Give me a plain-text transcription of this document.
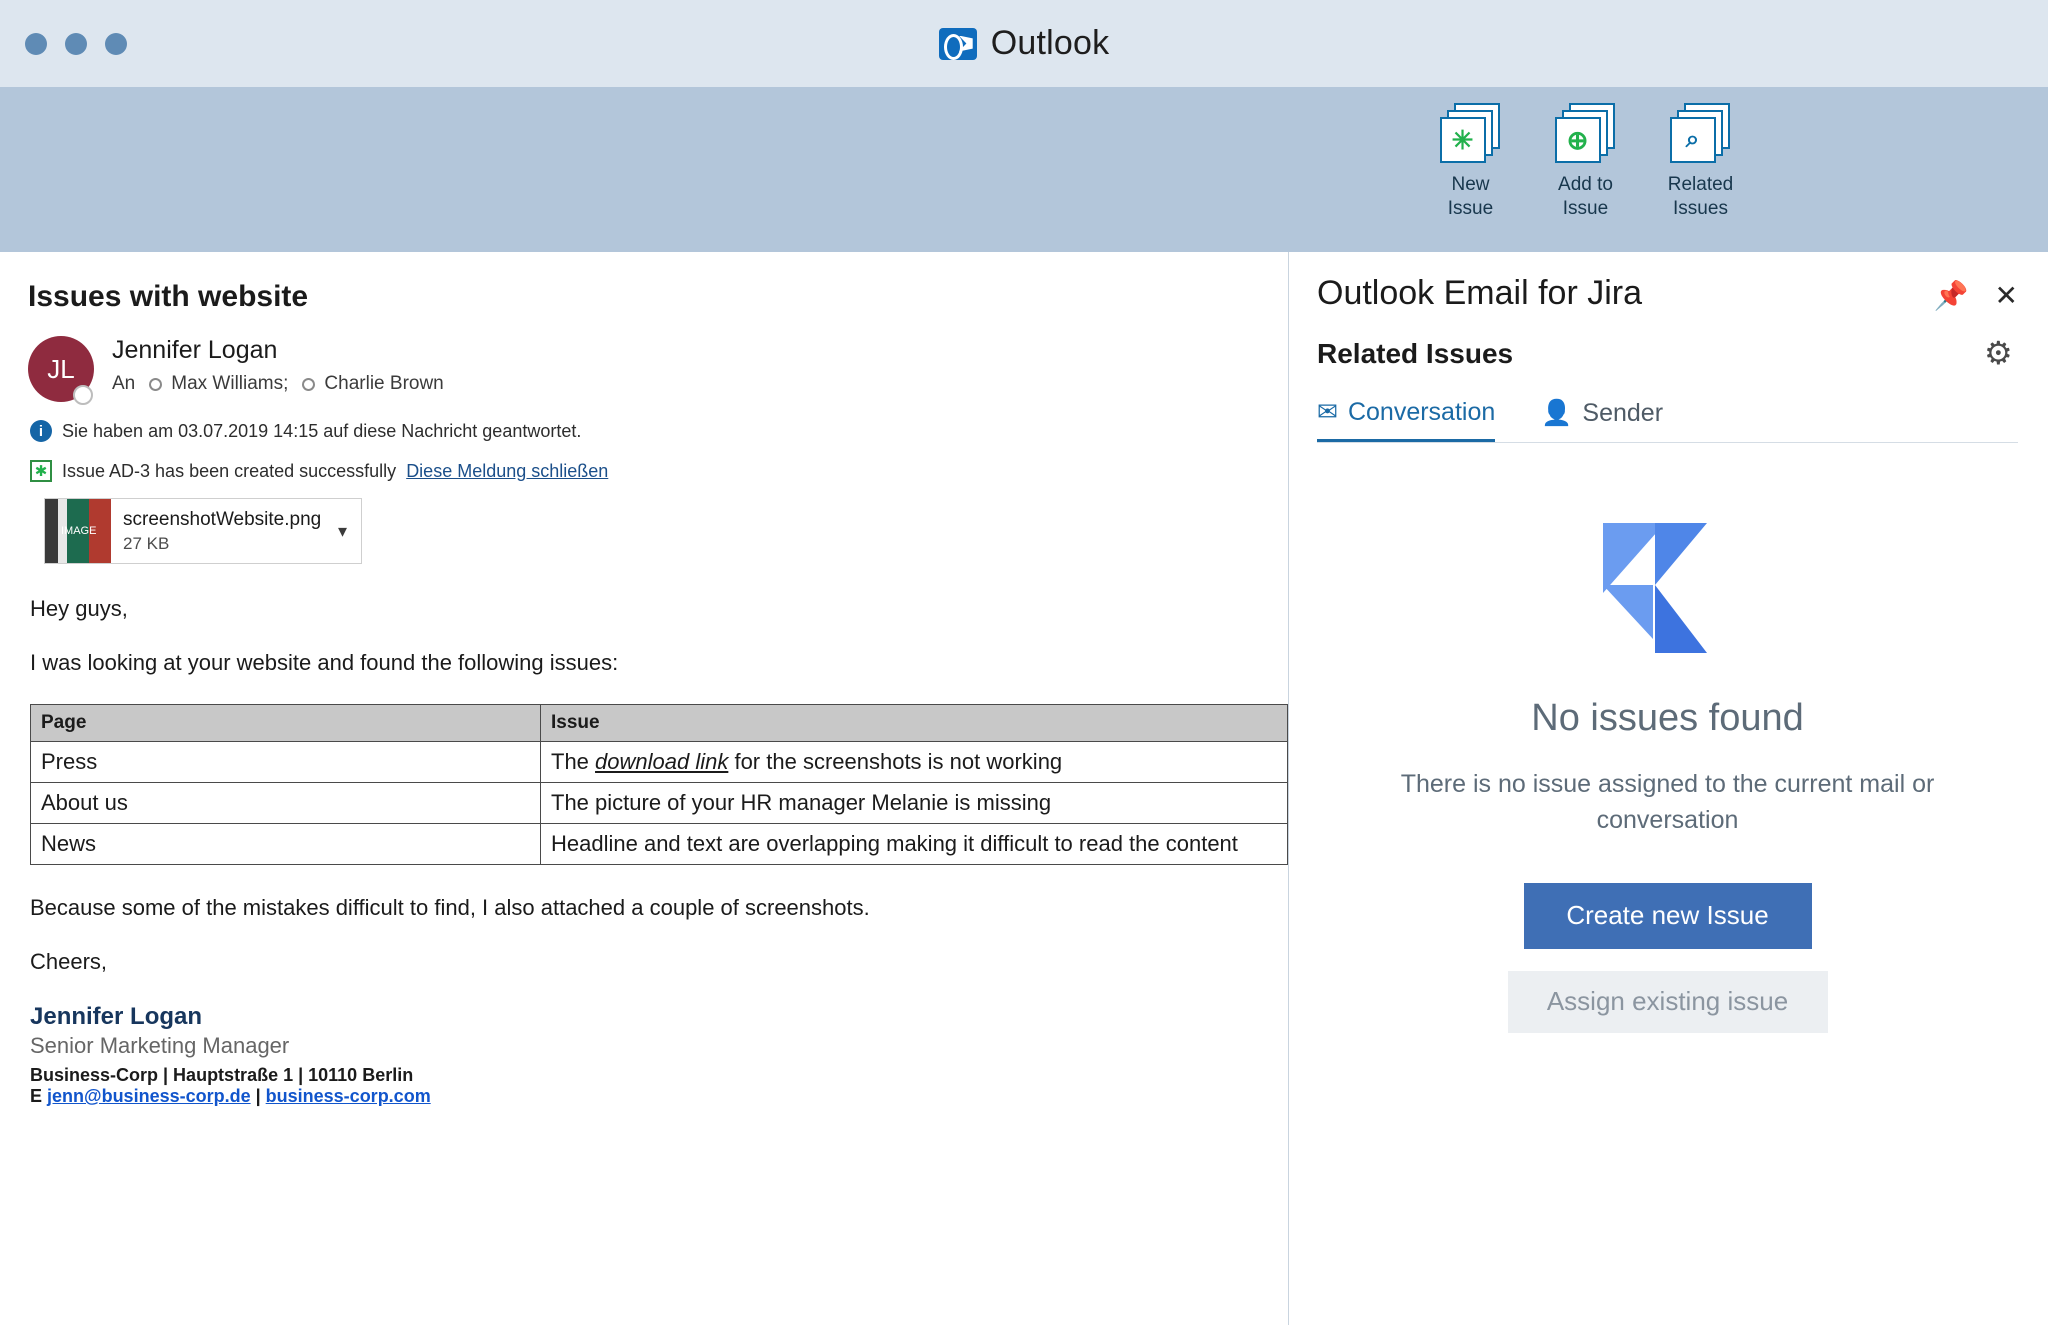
Outlook
✳
New
Issue
⊕
Add to
Issue
⌕
Related
Issues
Issues with website
JL
Jennifer Logan
An Max Williams; Charlie Brown
i	Sie haben am 03.07.2019 14:15 auf diese Nachricht geantwortet.
✱ Issue AD-3 has been created successfully Diese Meldung schließen
IMAGE
screenshotWebsite.png
27 KB
▾

Hey guys,

I was looking at your website and found the following issues:

Page	Issue
Press	The download link for the screenshots is not working
About us	The picture of your HR manager Melanie is missing
News	Headline and text are overlapping making it difficult to read the content

Because some of the mistakes difficult to find, I also attached a couple of screenshots.

Cheers,

Jennifer Logan
Senior Marketing Manager
Business-Corp | Hauptstraße 1 | 10110 Berlin
E jenn@business-corp.de | business-corp.com
Outlook Email for Jira	📌 ✕
Related Issues	⚙
✉ Conversation 👤 Sender
No issues found
There is no issue assigned to the current mail or conversation
Create new Issue
Assign existing issue
